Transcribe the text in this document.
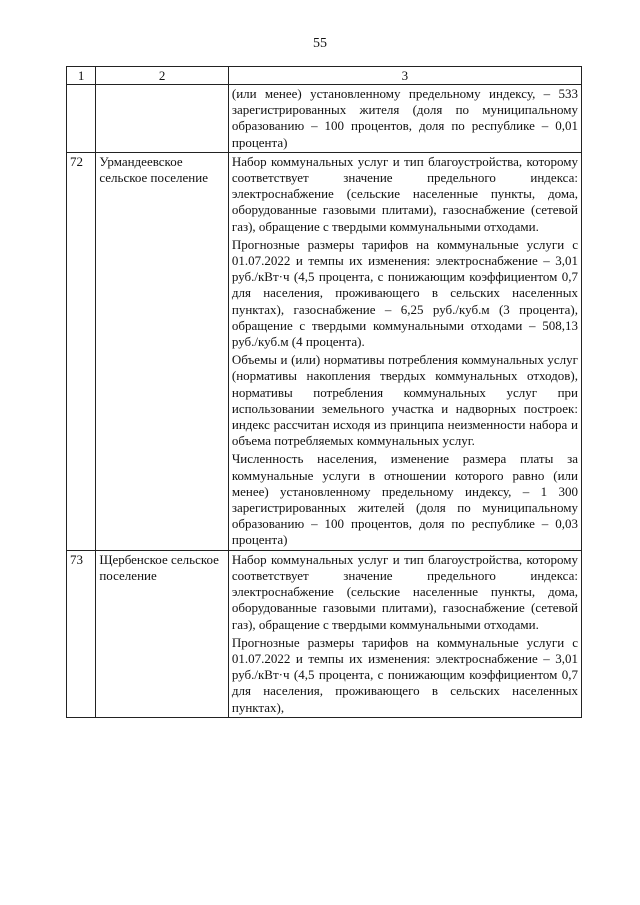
55
1	2	3

		(или менее) установленному предельному индексу, – 533 зарегистрированных жителя (доля по муниципальному образованию – 100 процентов, доля по республике – 0,01 процента)

72	Урмандеевское сельское поселение	Набор коммунальных услуг и тип благоустройства, которому соответствует значение предельного индекса: электроснабжение (сельские населенные пункты, дома, оборудованные газовыми плитами), газоснабжение (сетевой газ), обращение с твердыми коммунальными отходами.

Прогнозные размеры тарифов на коммунальные услуги с 01.07.2022 и темпы их изменения: электроснабжение – 3,01 руб./кВт·ч (4,5 процента, с понижающим коэффициентом 0,7 для населения, проживающего в сельских населенных пунктах), газоснабжение – 6,25 руб./куб.м (3 процента), обращение с твердыми коммунальными отходами – 508,13 руб./куб.м (4 процента).

Объемы и (или) нормативы потребления коммунальных услуг (нормативы накопления твердых коммунальных отходов), нормативы потребления коммунальных услуг при использовании земельного участка и надворных построек: индекс рассчитан исходя из принципа неизменности набора и объема потребляемых коммунальных услуг.

Численность населения, изменение размера платы за коммунальные услуги в отношении которого равно (или менее) установленному предельному индексу, – 1 300 зарегистрированных жителей (доля по муниципальному образованию – 100 процентов, доля по республике – 0,03 процента)

73	Щербенское сельское поселение	Набор коммунальных услуг и тип благоустройства, которому соответствует значение предельного индекса: электроснабжение (сельские населенные пункты, дома, оборудованные газовыми плитами), газоснабжение (сетевой газ), обращение с твердыми коммунальными отходами.

Прогнозные размеры тарифов на коммунальные услуги с 01.07.2022 и темпы их изменения: электроснабжение – 3,01 руб./кВт·ч (4,5 процента, с понижающим коэффициентом 0,7 для населения, проживающего в сельских населенных пунктах),
